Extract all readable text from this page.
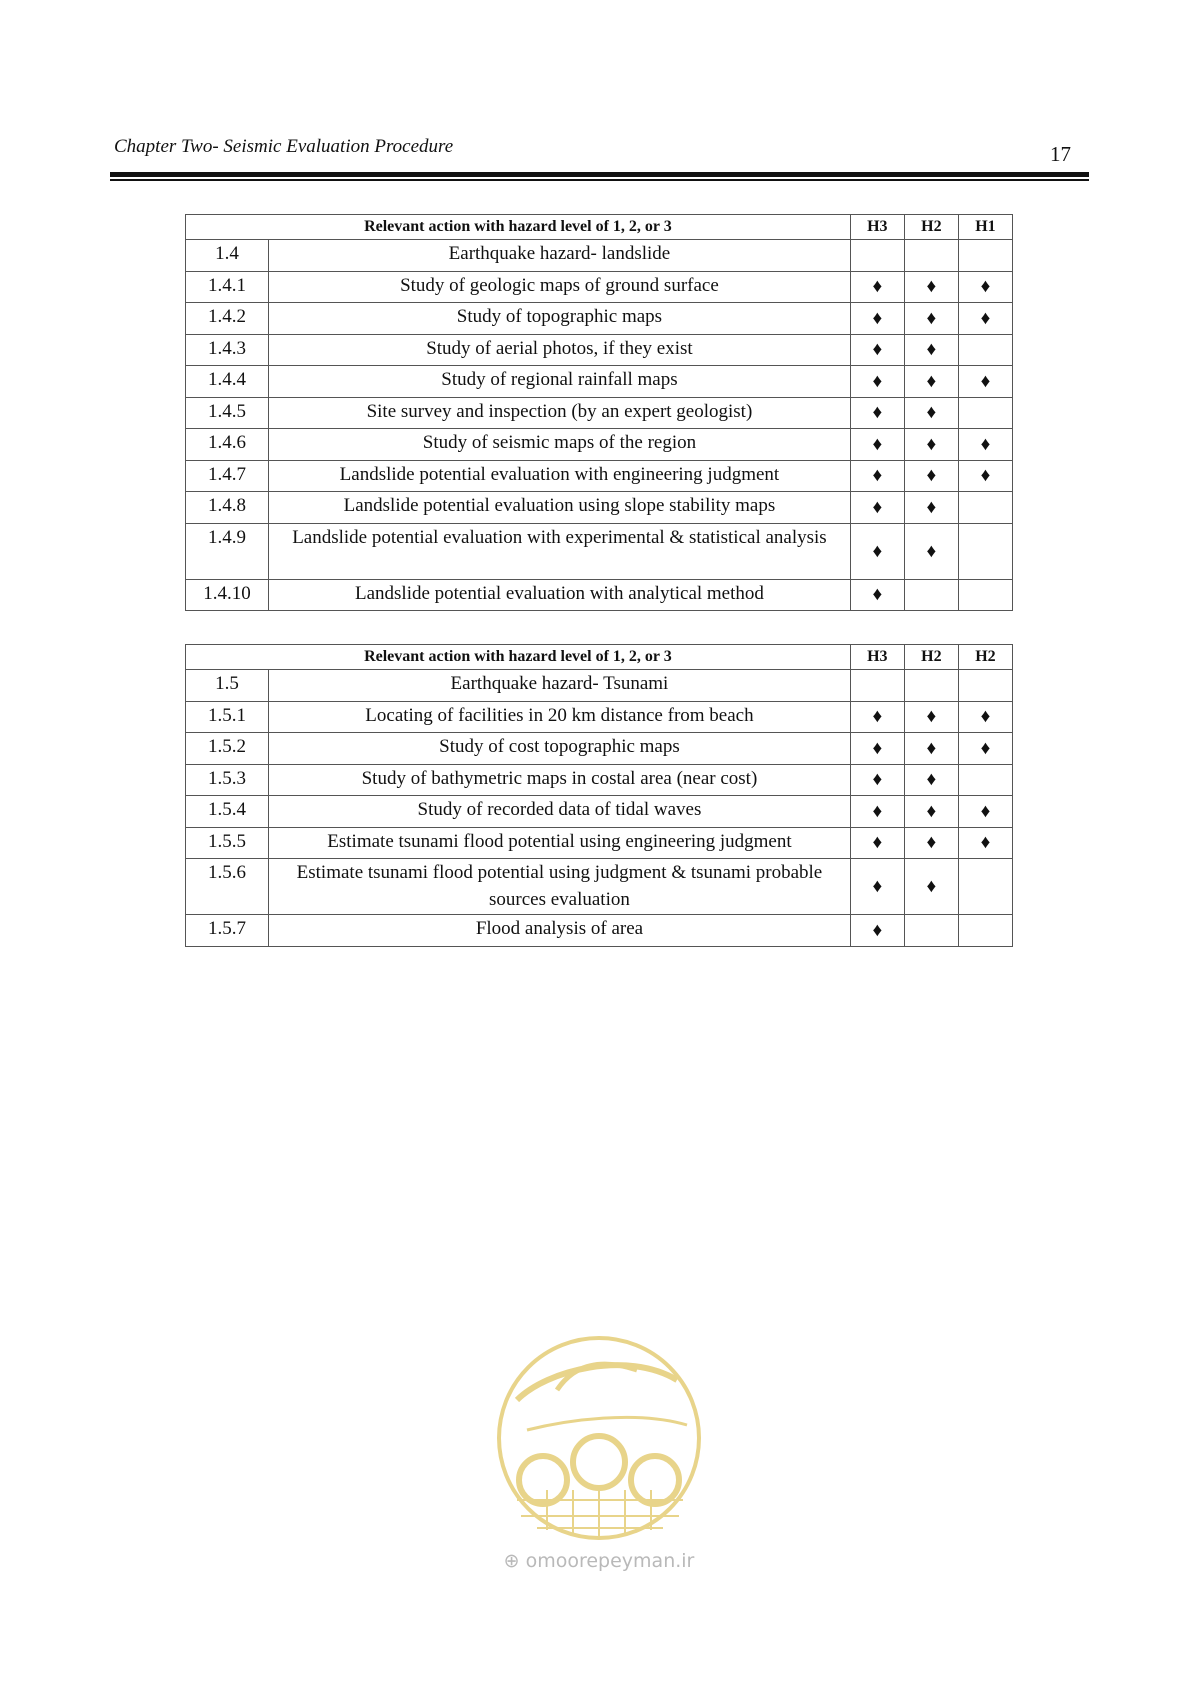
Chapter Two- Seismic Evaluation Procedure	17
Relevant action with hazard level of 1, 2, or 3		H3	H2	H1
1.4	Earthquake hazard- landslide			
1.4.1	Study of geologic maps of ground surface	♦	♦	♦
1.4.2	Study of topographic maps	♦	♦	♦
1.4.3	Study of aerial photos, if they exist	♦	♦	
1.4.4	Study of regional rainfall maps	♦	♦	♦
1.4.5	Site survey and inspection (by an expert geologist)	♦	♦	
1.4.6	Study of seismic maps of the region	♦	♦	♦
1.4.7	Landslide potential evaluation with engineering judgment	♦	♦	♦
1.4.8	Landslide potential evaluation using slope stability maps	♦	♦	
1.4.9	Landslide potential evaluation with experimental & statistical analysis	♦	♦	
1.4.10	Landslide potential evaluation with analytical method	♦		
Relevant action with hazard level of 1, 2, or 3		H3	H2	H2
1.5	Earthquake hazard- Tsunami			
1.5.1	Locating of facilities in 20 km distance from beach	♦	♦	♦
1.5.2	Study of cost topographic maps	♦	♦	♦
1.5.3	Study of bathymetric maps in costal area (near cost)	♦	♦	
1.5.4	Study of recorded data of tidal waves	♦	♦	♦
1.5.5	Estimate tsunami flood potential using engineering judgment	♦	♦	♦
1.5.6	Estimate tsunami flood potential using judgment & tsunami probable sources evaluation	♦	♦	
1.5.7	Flood analysis of area	♦		
⊕ omoorepeyman.ir
